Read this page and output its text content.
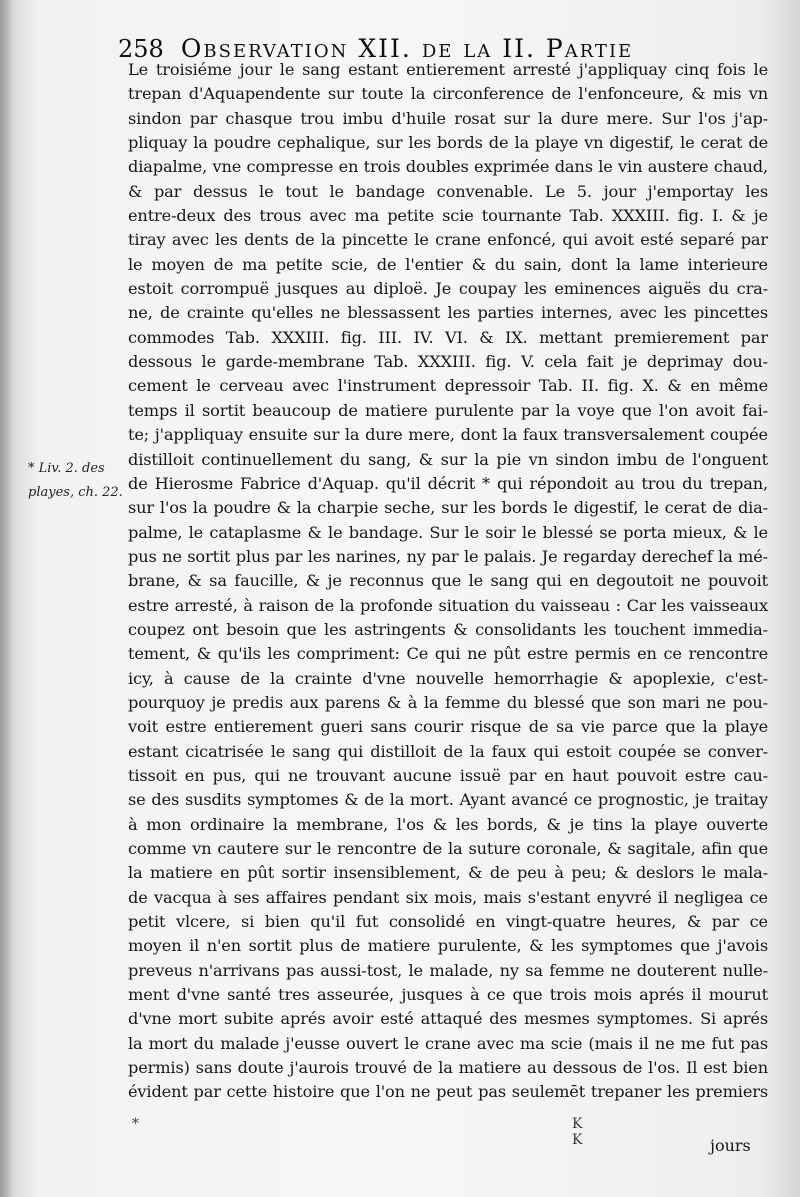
258 Observation XII. de la II. Partie
* Liv. 2. des
playes, ch. 22.
Le troisiéme jour le sang estant entierement arresté j'appliquay cinq fois le
trepan d'Aquapendente sur toute la circonference de l'enfonceure, & mis vn
sindon par chasque trou imbu d'huile rosat sur la dure mere. Sur l'os j'ap-
pliquay la poudre cephalique, sur les bords de la playe vn digestif, le cerat de
diapalme, vne compresse en trois doubles exprimée dans le vin austere chaud,
& par dessus le tout le bandage convenable. Le 5. jour j'emportay les
entre-deux des trous avec ma petite scie tournante Tab. XXXIII. fig. I. & je
tiray avec les dents de la pincette le crane enfoncé, qui avoit esté separé par
le moyen de ma petite scie, de l'entier & du sain, dont la lame interieure
estoit corrompuë jusques au diploë. Je coupay les eminences aiguës du cra-
ne, de crainte qu'elles ne blessassent les parties internes, avec les pincettes
commodes Tab. XXXIII. fig. III. IV. VI. & IX. mettant premierement par
dessous le garde-membrane Tab. XXXIII. fig. V. cela fait je deprimay dou-
cement le cerveau avec l'instrument depressoir Tab. II. fig. X. & en même
temps il sortit beaucoup de matiere purulente par la voye que l'on avoit fai-
te; j'appliquay ensuite sur la dure mere, dont la faux transversalement coupée
distilloit continuellement du sang, & sur la pie vn sindon imbu de l'onguent
de Hierosme Fabrice d'Aquap. qu'il décrit * qui répondoit au trou du trepan,
sur l'os la poudre & la charpie seche, sur les bords le digestif, le cerat de dia-
palme, le cataplasme & le bandage. Sur le soir le blessé se porta mieux, & le
pus ne sortit plus par les narines, ny par le palais. Je regarday derechef la mé-
brane, & sa faucille, & je reconnus que le sang qui en degoutoit ne pouvoit
estre arresté, à raison de la profonde situation du vaisseau : Car les vaisseaux
coupez ont besoin que les astringents & consolidants les touchent immedia-
tement, & qu'ils les compriment: Ce qui ne pût estre permis en ce rencontre
icy, à cause de la crainte d'vne nouvelle hemorrhagie & apoplexie, c'est-
pourquoy je predis aux parens & à la femme du blessé que son mari ne pou-
voit estre entierement gueri sans courir risque de sa vie parce que la playe
estant cicatrisée le sang qui distilloit de la faux qui estoit coupée se conver-
tissoit en pus, qui ne trouvant aucune issuë par en haut pouvoit estre cau-
se des susdits symptomes & de la mort. Ayant avancé ce prognostic, je traitay
à mon ordinaire la membrane, l'os & les bords, & je tins la playe ouverte
comme vn cautere sur le rencontre de la suture coronale, & sagitale, afin que
la matiere en pût sortir insensiblement, & de peu à peu; & deslors le mala-
de vacqua à ses affaires pendant six mois, mais s'estant enyvré il negligea ce
petit vlcere, si bien qu'il fut consolidé en vingt-quatre heures, & par ce
moyen il n'en sortit plus de matiere purulente, & les symptomes que j'avois
preveus n'arrivans pas aussi-tost, le malade, ny sa femme ne douterent nulle-
ment d'vne santé tres asseurée, jusques à ce que trois mois aprés il mourut
d'vne mort subite aprés avoir esté attaqué des mesmes symptomes. Si aprés
la mort du malade j'eusse ouvert le crane avec ma scie (mais il ne me fut pas
permis) sans doute j'aurois trouvé de la matiere au dessous de l'os. Il est bien
évident par cette histoire que l'on ne peut pas seulemēt trepaner les premiers
*	K K	jours
